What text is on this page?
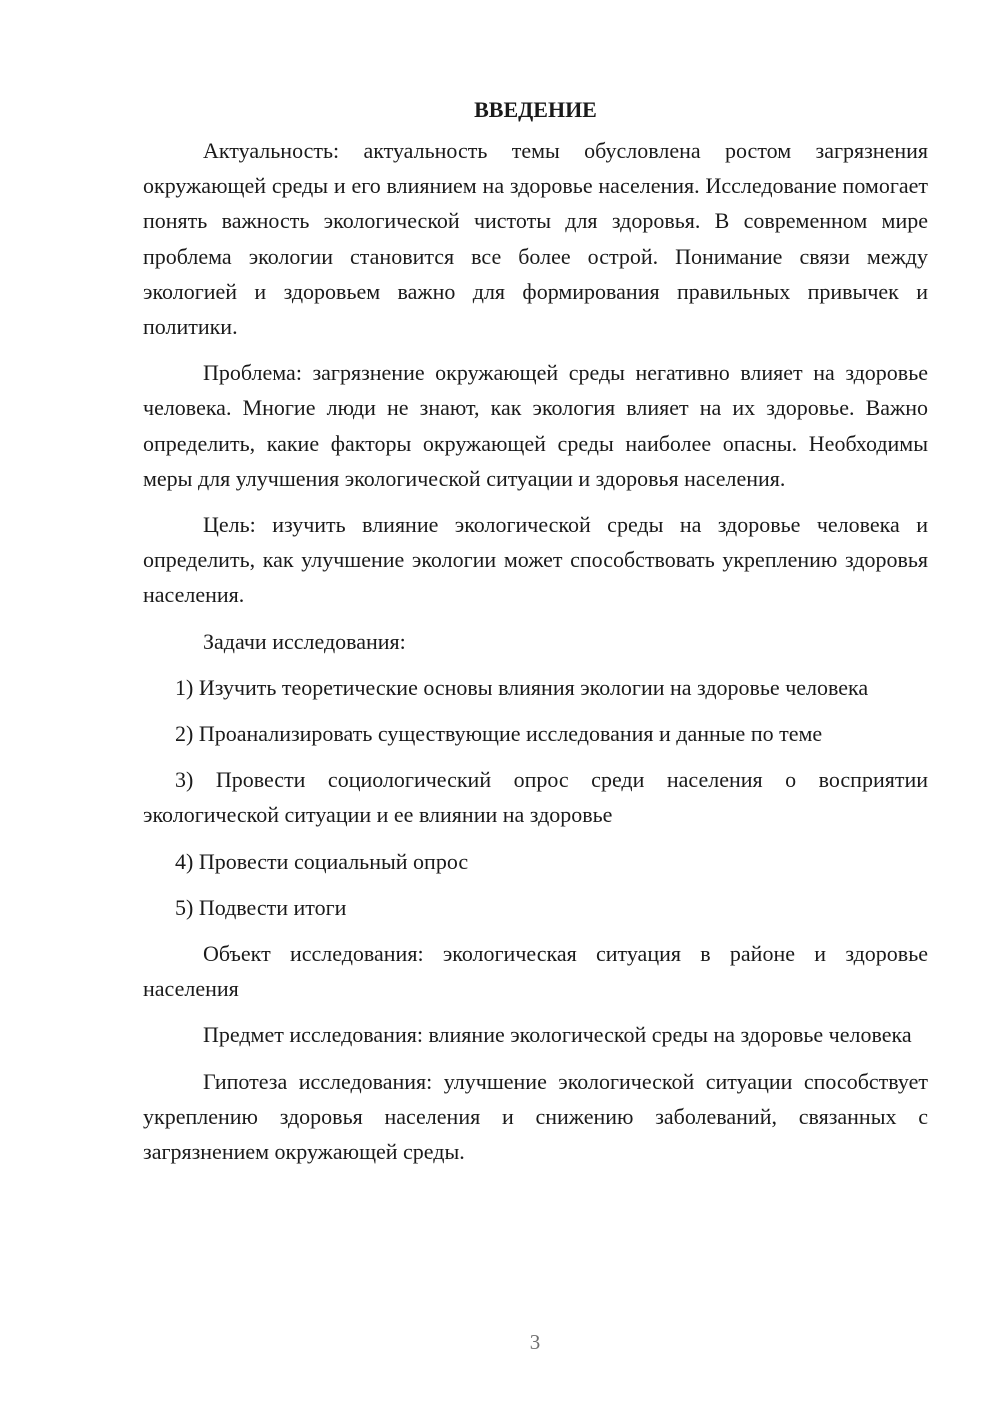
ВВЕДЕНИЕ

Актуальность: актуальность темы обусловлена ростом загрязнения окружающей среды и его влиянием на здоровье населения. Исследование помогает понять важность экологической чистоты для здоровья. В современном мире проблема экологии становится все более острой. Понимание связи между экологией и здоровьем важно для формирования правильных привычек и политики.

Проблема: загрязнение окружающей среды негативно влияет на здоровье человека. Многие люди не знают, как экология влияет на их здоровье. Важно определить, какие факторы окружающей среды наиболее опасны. Необходимы меры для улучшения экологической ситуации и здоровья населения.

Цель: изучить влияние экологической среды на здоровье человека и определить, как улучшение экологии может способствовать укреплению здоровья населения.

Задачи исследования:

1) Изучить теоретические основы влияния экологии на здоровье человека

2) Проанализировать существующие исследования и данные по теме

3) Провести социологический опрос среди населения о восприятии экологической ситуации и ее влиянии на здоровье

4) Провести социальный опрос

5) Подвести итоги

Объект исследования: экологическая ситуация в районе и здоровье населения

Предмет исследования: влияние экологической среды на здоровье человека

Гипотеза исследования: улучшение экологической ситуации способствует укреплению здоровья населения и снижению заболеваний, связанных с загрязнением окружающей среды.

3
